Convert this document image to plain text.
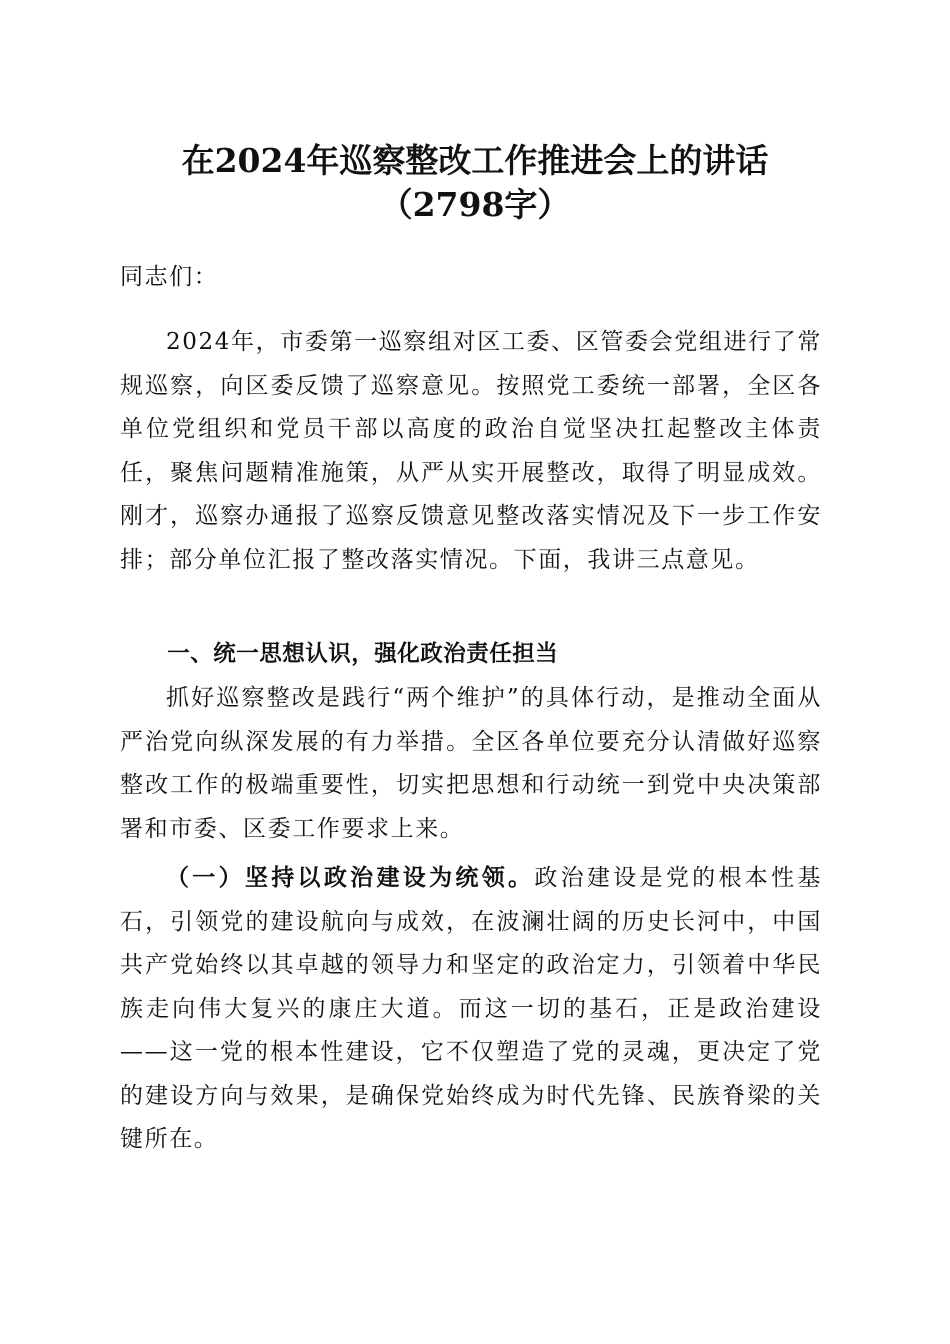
在2024年巡察整改工作推进会上的讲话
（2798字）
同志们：
2024年，市委第一巡察组对区工委、区管委会党组进行了常规巡察，向区委反馈了巡察意见。按照党工委统一部署，全区各单位党组织和党员干部以高度的政治自觉坚决扛起整改主体责任，聚焦问题精准施策，从严从实开展整改，取得了明显成效。刚才，巡察办通报了巡察反馈意见整改落实情况及下一步工作安排；部分单位汇报了整改落实情况。下面，我讲三点意见。
一、统一思想认识，强化政治责任担当
抓好巡察整改是践行“两个维护”的具体行动，是推动全面从严治党向纵深发展的有力举措。全区各单位要充分认清做好巡察整改工作的极端重要性，切实把思想和行动统一到党中央决策部署和市委、区委工作要求上来。
（一）坚持以政治建设为统领。政治建设是党的根本性基石，引领党的建设航向与成效，在波澜壮阔的历史长河中，中国共产党始终以其卓越的领导力和坚定的政治定力，引领着中华民族走向伟大复兴的康庄大道。而这一切的基石，正是政治建设——这一党的根本性建设，它不仅塑造了党的灵魂，更决定了党的建设方向与效果，是确保党始终成为时代先锋、民族脊梁的关键所在。
